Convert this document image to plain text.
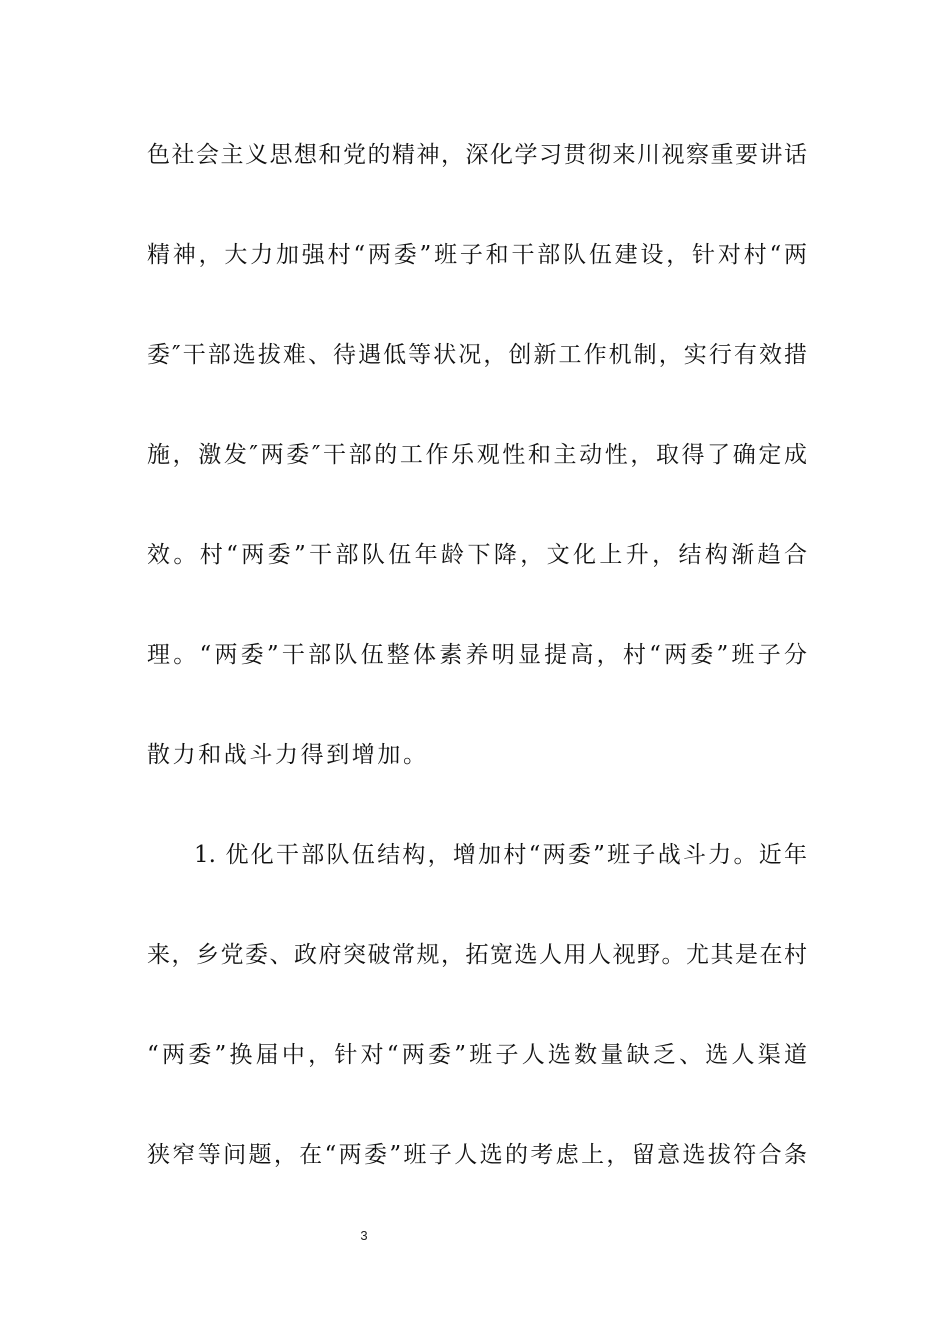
色社会主义思想和党的精神，深化学习贯彻来川视察重要讲话
精神，大力加强村“两委”班子和干部队伍建设，针对村“两
委″干部选拔难、待遇低等状况，创新工作机制，实行有效措
施，激发″两委″干部的工作乐观性和主动性，取得了确定成
效。村“两委”干部队伍年龄下降，文化上升，结构渐趋合
理。“两委”干部队伍整体素养明显提高，村“两委”班子分
散力和战斗力得到增加。
1. 优化干部队伍结构，增加村“两委”班子战斗力。近年
来，乡党委、政府突破常规，拓宽选人用人视野。尤其是在村
“两委”换届中，针对“两委”班子人选数量缺乏、选人渠道
狭窄等问题，在“两委”班子人选的考虑上，留意选拔符合条
3
